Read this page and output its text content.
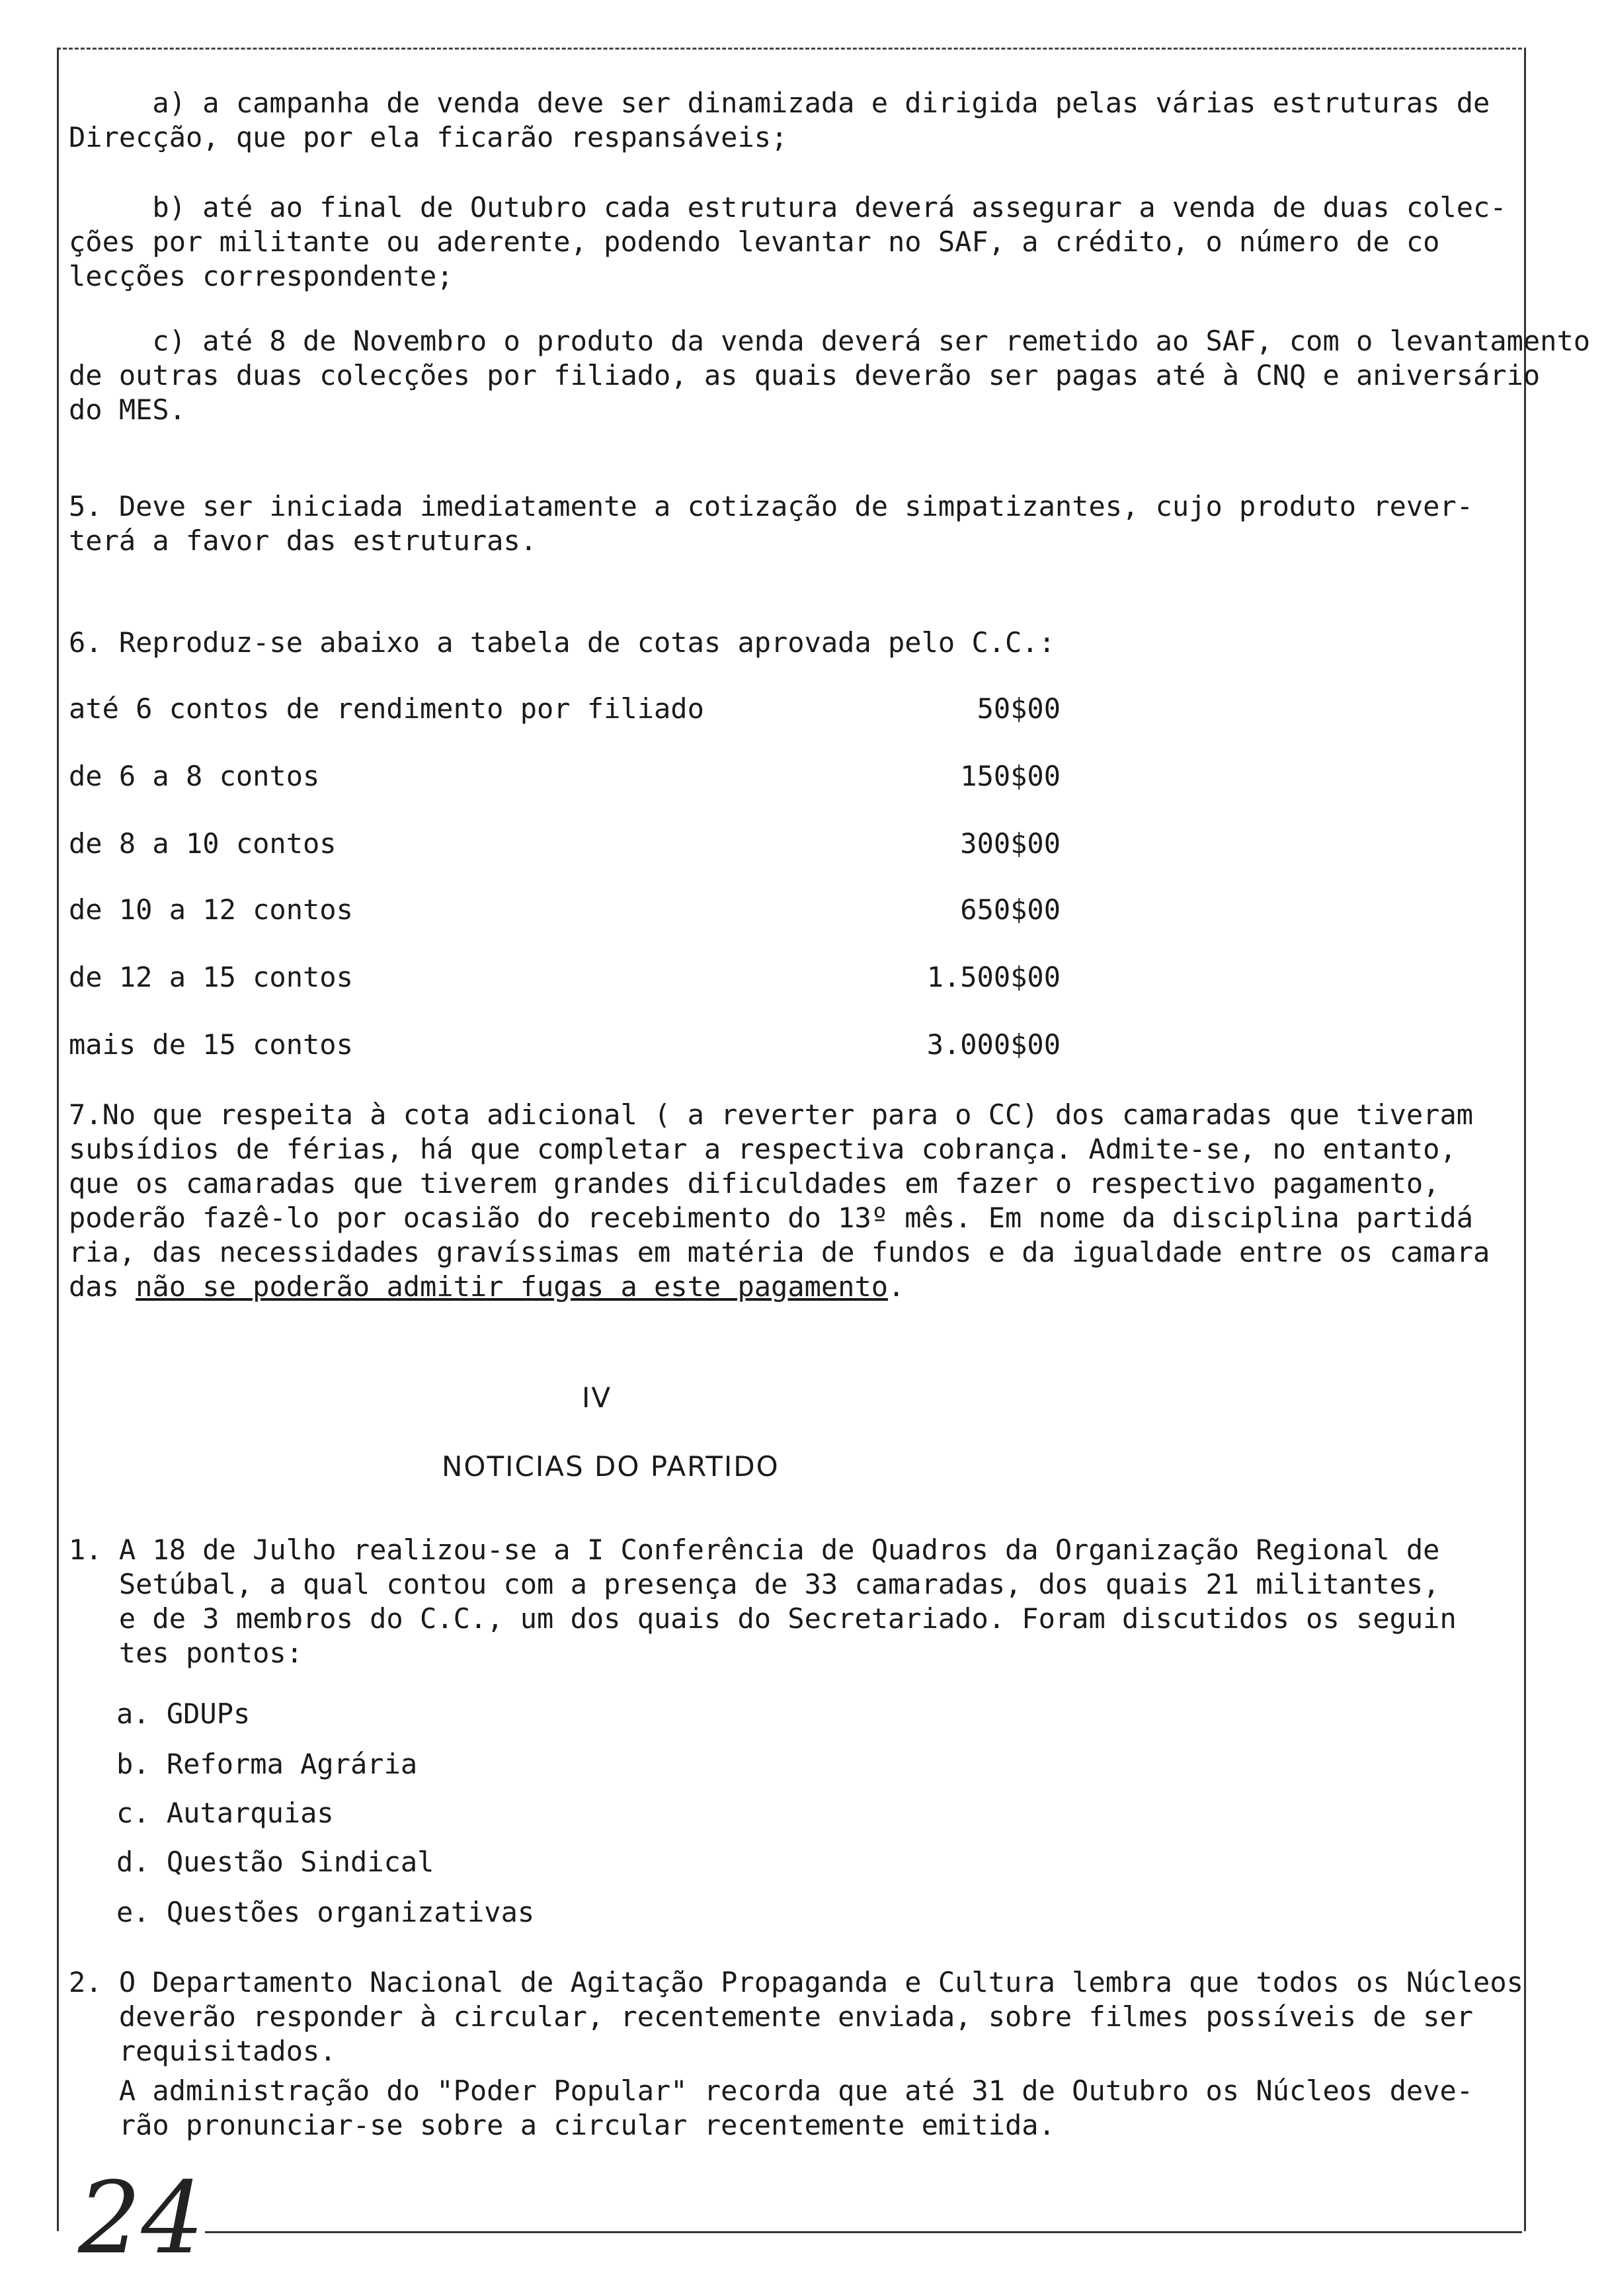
a) a campanha de venda deve ser dinamizada e dirigida pelas várias estruturas de
Direcção, que por ela ficarão respansáveis;
b) até ao final de Outubro cada estrutura deverá assegurar a venda de duas colec-
ções por militante ou aderente, podendo levantar no SAF, a crédito, o número de co
lecções correspondente;
c) até 8 de Novembro o produto da venda deverá ser remetido ao SAF, com o levantamento
de outras duas colecções por filiado, as quais deverão ser pagas até à CNQ e aniversário
do MES.
5. Deve ser iniciada imediatamente a cotização de simpatizantes, cujo produto rever-
terá a favor das estruturas.
6. Reproduz-se abaixo a tabela de cotas aprovada pelo C.C.:
até 6 contos de rendimento por filiado	50$00
de 6 a 8 contos	150$00
de 8 a 10 contos	300$00
de 10 a 12 contos	650$00
de 12 a 15 contos	1.500$00
mais de 15 contos	3.000$00
7.No que respeita à cota adicional ( a reverter para o CC) dos camaradas que tiveram
subsídios de férias, há que completar a respectiva cobrança. Admite-se, no entanto,
que os camaradas que tiverem grandes dificuldades em fazer o respectivo pagamento,
poderão fazê-lo por ocasião do recebimento do 13º mês. Em nome da disciplina partidá
ria, das necessidades gravíssimas em matéria de fundos e da igualdade entre os camara
das não se poderão admitir fugas a este pagamento.
IV
NOTICIAS DO PARTIDO
1. A 18 de Julho realizou-se a I Conferência de Quadros da Organização Regional de
Setúbal, a qual contou com a presença de 33 camaradas, dos quais 21 militantes,
e de 3 membros do C.C., um dos quais do Secretariado. Foram discutidos os seguin
tes pontos:
a. GDUPs
b. Reforma Agrária
c. Autarquias
d. Questão Sindical
e. Questões organizativas
2. O Departamento Nacional de Agitação Propaganda e Cultura lembra que todos os Núcleos
deverão responder à circular, recentemente enviada, sobre filmes possíveis de ser
requisitados.
A administração do "Poder Popular" recorda que até 31 de Outubro os Núcleos deve-
rão pronunciar-se sobre a circular recentemente emitida.
24
